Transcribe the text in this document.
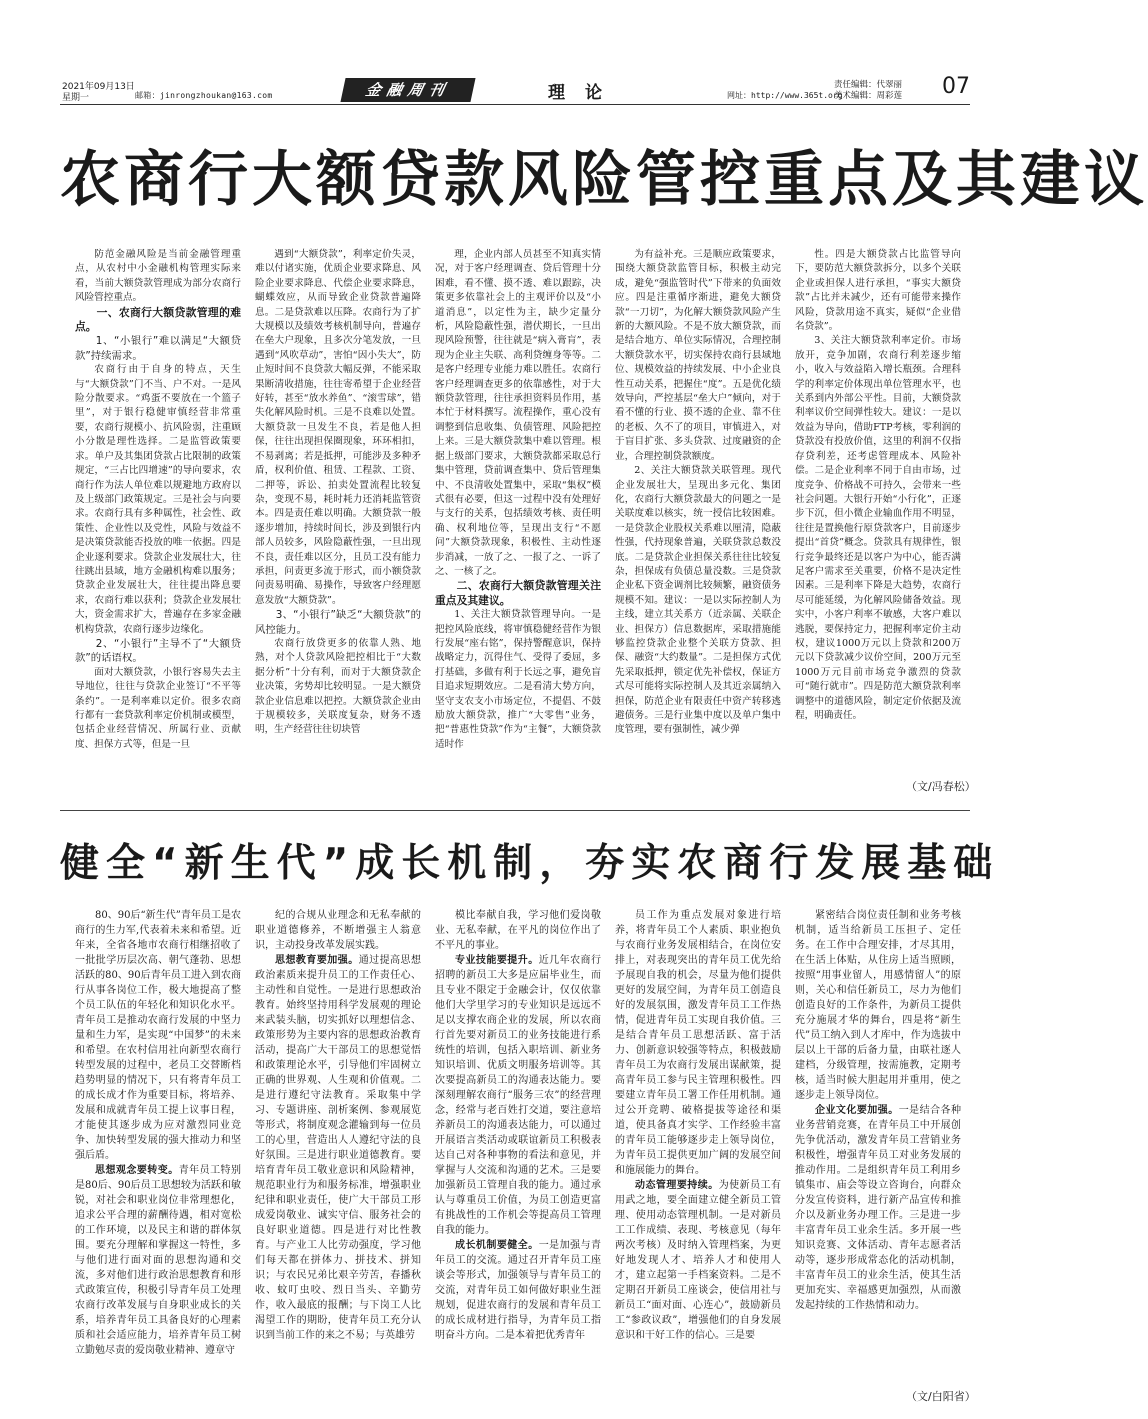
2021年09月13日
星期一	邮箱：jinrongzhoukan@163.com	金融周刊	理论	网址：http://www.365t.org
责任编辑：代翠丽
美术编辑：周彩莲 07
农商行大额贷款风险管控重点及其建议

防范金融风险是当前金融管理重点，从农村中小金融机构管理实际来看，当前大额贷款管理成为部分农商行风险管控重点。

一、农商行大额贷款管理的难点。

1、“小银行”难以满足“大额贷款”持续需求。

农商行由于自身的特点，天生与“大额贷款”门不当、户不对。一是风险分散要求。“鸡蛋不要放在一个篮子里”，对于银行稳健审慎经营非常重要，农商行规模小、抗风险弱，注重顾小分散是理性选择。二是监管政策要求。单户及其集团贷款占比限制的政策规定，“三占比四增速”的导向要求，农商行作为法人单位难以规避地方政府以及上级部门政策规定。三是社会与向要求。农商行具有多种属性，社会性、政策性、企业性以及党性，风险与效益不是决策贷款能否投放的唯一依据。四是企业逐利要求。贷款企业发展壮大，往往跳出县域，地方金融机构难以服务；贷款企业发展壮大，往往提出降息要求，农商行难以获利；贷款企业发展壮大，资金需求扩大，普遍存在多家金融机构贷款，农商行逐步边缘化。

2、“小银行”主导不了“大额贷款”的话语权。

面对大额贷款，小银行容易失去主导地位，往往与贷款企业签订“不平等条约”。一是利率难以定价。很多农商行都有一套贷款利率定价机制或模型，包括企业经营情况、所属行业、贡献度、担保方式等，但是一旦

遇到“大额贷款”，利率定价失灵，难以付诸实施，优质企业要求降息、风险企业要求降息、代偿企业要求降息，蝴蝶效应，从而导致企业贷款普遍降息。二是贷款难以压降。农商行为了扩大规模以及绩效考核机制导向，普遍存在垒大户现象，且多次分笔发放，一旦遇到“风吹草动”，害怕“因小失大”，防止短时间不良贷款大幅反弹，不能采取果断清收措施，往往寄希望于企业经营好转，甚至“放水养鱼”、“滚雪球”，错失化解风险时机。三是不良难以处置。大额贷款一旦发生不良，若是他人担保，往往出现担保圈现象，环环相扣，不易剥离；若是抵押，可能涉及多种矛盾，权利价值、租赁、工程款、工资、二押等，诉讼、拍卖处置流程比较复杂，变现不易，耗时耗力还消耗监管资本。四是责任难以明确。大额贷款一般逐步增加，持续时间长，涉及到银行内部人员较多，风险隐蔽性强，一旦出现不良，责任难以区分，且员工没有能力承担，问责更多流于形式，而小额贷款问责易明确、易操作，导致客户经理愿意发放“大额贷款”。

3、“小银行”缺乏“大额贷款”的风控能力。

农商行放贷更多的依靠人熟、地熟，对个人贷款风险把控相比于“大数据分析”十分有利，而对于大额贷款企业决策，劣势却比较明显。一是大额贷款企业信息难以把控。大额贷款企业由于规模较多，关联度复杂，财务不透明，生产经营往往切块管

理，企业内部人员甚至不知真实情况，对于客户经理调查、贷后管理十分困难，看不懂、摸不透、难以跟踪，决策更多依靠社会上的主观评价以及“小道消息”，以定性为主，缺少定量分析，风险隐蔽性强，潜伏期长，一旦出现风险预警，往往就是“病入膏肓”，表现为企业主失联、高利贷缠身等等。二是客户经理专业能力难以胜任。农商行客户经理调查更多的依靠感性，对于大额贷款管理，往往承担资料员作用，基本忙于材料撰写。流程操作，重心没有调整到信息收集、负债管理、风险把控上来。三是大额贷款集中难以管理。根据上级部门要求，大额贷款都采取总行集中管理，贷前调查集中、贷后管理集中、不良清收处置集中，采取“集权”模式很有必要，但这一过程中没有处理好与支行的关系，包括绩效考核、责任明确、权利地位等，呈现出支行“不愿问”大额贷款现象，积极性、主动性逐步消减，一放了之、一报了之、一诉了之、一核了之。

二、农商行大额贷款管理关注重点及其建议。

1、关注大额贷款管理导向。一是把控风险底线，将审慎稳健经营作为银行发展“座右铭”，保持警醒意识，保持战略定力，沉得住气、受得了委屈，多打基础，多做有利于长远之事，避免盲目追求短期效应。二是看清大势方向，坚守支农支小市场定位，不提倡、不鼓励放大额贷款，推广“大零售”业务，把“普惠性贷款”作为“主餐”，大额贷款适时作

为有益补充。三是顺应政策要求，围绕大额贷款监管目标，积极主动完成，避免“强监管时代”下带来的负面效应。四是注重循序渐进，避免大额贷款“一刀切”，为化解大额贷款风险产生新的大额风险。不是不放大额贷款，而是结合地方、单位实际情况，合理控制大额贷款水平，切实保持农商行县域地位、规模效益的持续发展、中小企业良性互动关系，把握住“度”。五是优化绩效导向，严控基层“垒大户”倾向，对于看不懂的行业、摸不透的企业、靠不住的老板、久不了的项目，审慎进入，对于盲目扩张、多头贷款、过度融资的企业，合理控制贷款额度。

2、关注大额贷款关联管理。现代企业发展壮大，呈现出多元化、集团化，农商行大额贷款最大的问题之一是关联度难以核实，统一授信比较困难。一是贷款企业股权关系难以厘清，隐蔽性强，代持现象普遍，关联贷款总数没底。二是贷款企业担保关系往往比较复杂，担保成有负债总量没数。三是贷款企业私下资金调剂比较频繁，融资债务规模不知。建议：一是以实际控制人为主线，建立其关系方（近亲属、关联企业、担保方）信息数据库，采取措施能够监控贷款企业整个关联方贷款、担保、融资“大约数量”。二是担保方式优先采取抵押，锁定优先补偿权，保证方式尽可能将实际控制人及其近亲属纳入担保，防范企业有限责任中资产转移逃避债务。三是行业集中度以及单户集中度管理，要有强制性，减少弹

性。四是大额贷款占比监管导向下，要防范大额贷款拆分，以多个关联企业或担保人进行承担，“事实大额贷款”占比并未减少，还有可能带来操作风险，贷款用途不真实，疑似“企业借名贷款”。

3、关注大额贷款利率定价。市场放开，竞争加剧，农商行利差逐步缩小，收入与效益陷入增长瓶颈。合理科学的利率定价体现出单位管理水平，也关系到内外部公平性。目前，大额贷款利率议价空间弹性较大。建议：一是以效益为导向，借助FTP考核，零利润的贷款没有投放价值，这里的利润不仅指存贷利差，还考虑管理成本、风险补偿。二是企业利率不同于自由市场，过度竞争、价格战不可持久，会带来一些社会问题。大银行开始“小行化”，正逐步下沉，但小微企业输血作用不明显，往往是置换他行原贷款客户，目前逐步提出“首贷”概念。贷款具有规律性，银行竞争最终还是以客户为中心，能否满足客户需求至关重要，价格不是决定性因素。三是利率下降是大趋势，农商行尽可能延缓，为化解风险储备效益。现实中，小客户利率不敏感，大客户难以逃脱，要保持定力，把握利率定价主动权，建议1000万元以上贷款和200万元以下贷款减少议价空间，200万元至1000万元目前市场竞争激烈的贷款可“随行就市”。四是防范大额贷款利率调整中的道德风险，制定定价依据及流程，明确责任。

（文/冯春松）
健全“新生代”成长机制，夯实农商行发展基础

80、90后“新生代”青年员工是农商行的生力军,代表着未来和希望。近年来，全省各地市农商行相继招收了一批批学历层次高、朝气蓬勃、思想活跃的80、90后青年员工进入到农商行从事各岗位工作，极大地提高了整个员工队伍的年轻化和知识化水平。青年员工是推动农商行发展的中坚力量和生力军，是实现“中国梦”的未来和希望。在农村信用社向新型农商行转型发展的过程中，老员工交替断档趋势明显的情况下，只有将青年员工的成长成才作为重要目标，将培养、发展和成就青年员工提上议事日程，才能使其逐步成为应对激烈同业竞争、加快转型发展的强大推动力和坚强后盾。

思想观念要转变。青年员工特别是80后、90后员工思想较为活跃和敏锐，对社会和职业岗位非常理想化，追求公平合理的薪酬待遇，相对宽松的工作环境，以及民主和谐的群体氛围。要充分理解和掌握这一特性，多与他们进行面对面的思想沟通和交流，多对他们进行政治思想教育和形式政策宣传，积极引导青年员工处理农商行改革发展与自身职业成长的关系，培养青年员工具备良好的心理素质和社会适应能力，培养青年员工树立勤勉尽责的爱岗敬业精神、遵章守

纪的合规从业理念和无私奉献的职业道德修养，不断增强主人翁意识，主动投身改革发展实践。

思想教育要加强。通过提高思想政治素质来提升员工的工作责任心、主动性和自觉性。一是进行思想政治教育。始终坚持用科学发展观的理论来武装头脑，切实抓好以理想信念、政策形势为主要内容的思想政治教育活动，提高广大干部员工的思想觉悟和政策理论水平，引导他们牢固树立正确的世界观、人生观和价值观。二是进行遵纪守法教育。采取集中学习、专题讲座、剖析案例、参观展览等形式，将制度观念灌输到每一位员工的心里，营造出人人遵纪守法的良好氛围。三是进行职业道德教育。要培育青年员工敬业意识和风险精神，规范职业行为和服务标准，增强职业纪律和职业责任，使广大干部员工形成爱岗敬业、诚实守信、服务社会的良好职业道德。四是进行对比性教育。与产业工人比劳动强度，学习他们每天都在拼体力、拼技术、拼知识；与农民兄弟比艰辛劳苦，春播秋收、蚊叮虫咬、烈日当头、辛勤劳作，收入最底的报酬；与下岗工人比渴望工作的期盼，使青年员工充分认识到当前工作的来之不易；与英雄劳

模比奉献自我，学习他们爱岗敬业、无私奉献，在平凡的岗位作出了不平凡的事业。

专业技能要提升。近几年农商行招聘的新员工大多是应届毕业生，而且专业不限定于金融会计，仅仅依靠他们大学里学习的专业知识是远远不足以支撑农商企业的发展，所以农商行首先要对新员工的业务技能进行系统性的培训，包括入职培训、新业务知识培训、优质文明服务培训等。其次要提高新员工的沟通表达能力。要深刻理解农商行“服务三农”的经营理念，经常与老百姓打交道，要注意培养新员工的沟通表达能力，可以通过开展语言类活动或联谊新员工积极表达自己对各种事物的看法和意见，并掌握与人交流和沟通的艺术。三是要加强新员工管理自我的能力。通过承认与尊重员工价值，为员工创造更富有挑战性的工作机会等提高员工管理自我的能力。

成长机制要健全。一是加强与青年员工的交流。通过召开青年员工座谈会等形式，加强领导与青年员工的交流，对青年员工如何做好职业生涯规划，促进农商行的发展和青年员工的成长成材进行指导，为青年员工指明奋斗方向。二是本着把优秀青年

员工作为重点发展对象进行培养，将青年员工个人素质、职业抱负与农商行业务发展相结合，在岗位安排上，对表现突出的青年员工优先给予展现自我的机会，尽量为他们提供更好的发展空间，为青年员工创造良好的发展氛围，激发青年员工工作热情，促进青年员工实现自我价值。三是结合青年员工思想活跃、富于活力、创新意识较强等特点，积极鼓励青年员工为农商行发展出谋献策，提高青年员工参与民主管理积极性。四要建立青年员工署工作任用机制。通过公开竞聘、破格提拔等途径和渠道，使具备真才实学、工作经验丰富的青年员工能够逐步走上领导岗位，为青年员工提供更加广阔的发展空间和施展能力的舞台。

动态管理要持续。为使新员工有用武之地，要全面建立健全新员工管理、使用动态管理机制。一是对新员工工作成绩、表现、考核意见（每年两次考核）及时纳入管理档案，为更好地发现人才、培养人才和使用人才，建立起第一手档案资料。二是不定期召开新员工座谈会，使信用社与新员工“面对面、心连心”，鼓励新员工“参政议政”，增强他们的自身发展意识和干好工作的信心。三是要

紧密结合岗位责任制和业务考核机制，适当给新员工压担子、定任务。在工作中合理安排，才尽其用，在生活上体贴，从住房上适当照顾，按照“用事业留人，用感情留人”的原则，关心和信任新员工，尽力为他们创造良好的工作条件，为新员工提供充分施展才华的舞台，四是将“新生代”员工纳入到人才库中，作为选拔中层以上干部的后备力量，由联社逐人建档，分级管理，按需施教，定期考核，适当时候大胆起用并重用，使之逐步走上领导岗位。

企业文化要加强。一是结合各种业务营销竞赛，在青年员工中开展创先争优活动，激发青年员工营销业务积极性，增强青年员工对业务发展的推动作用。二是组织青年员工利用乡镇集市、庙会等设立咨询台，向群众分发宣传资料，进行新产品宣传和推介以及新业务办理工作。三是进一步丰富青年员工业余生活。多开展一些知识竞赛、文体活动、青年志愿者活动等，逐步形成常态化的活动机制，丰富青年员工的业余生活，使其生活更加充实、幸福感更加强烈，从而激发起持续的工作热情和动力。

（文/白阳省）
